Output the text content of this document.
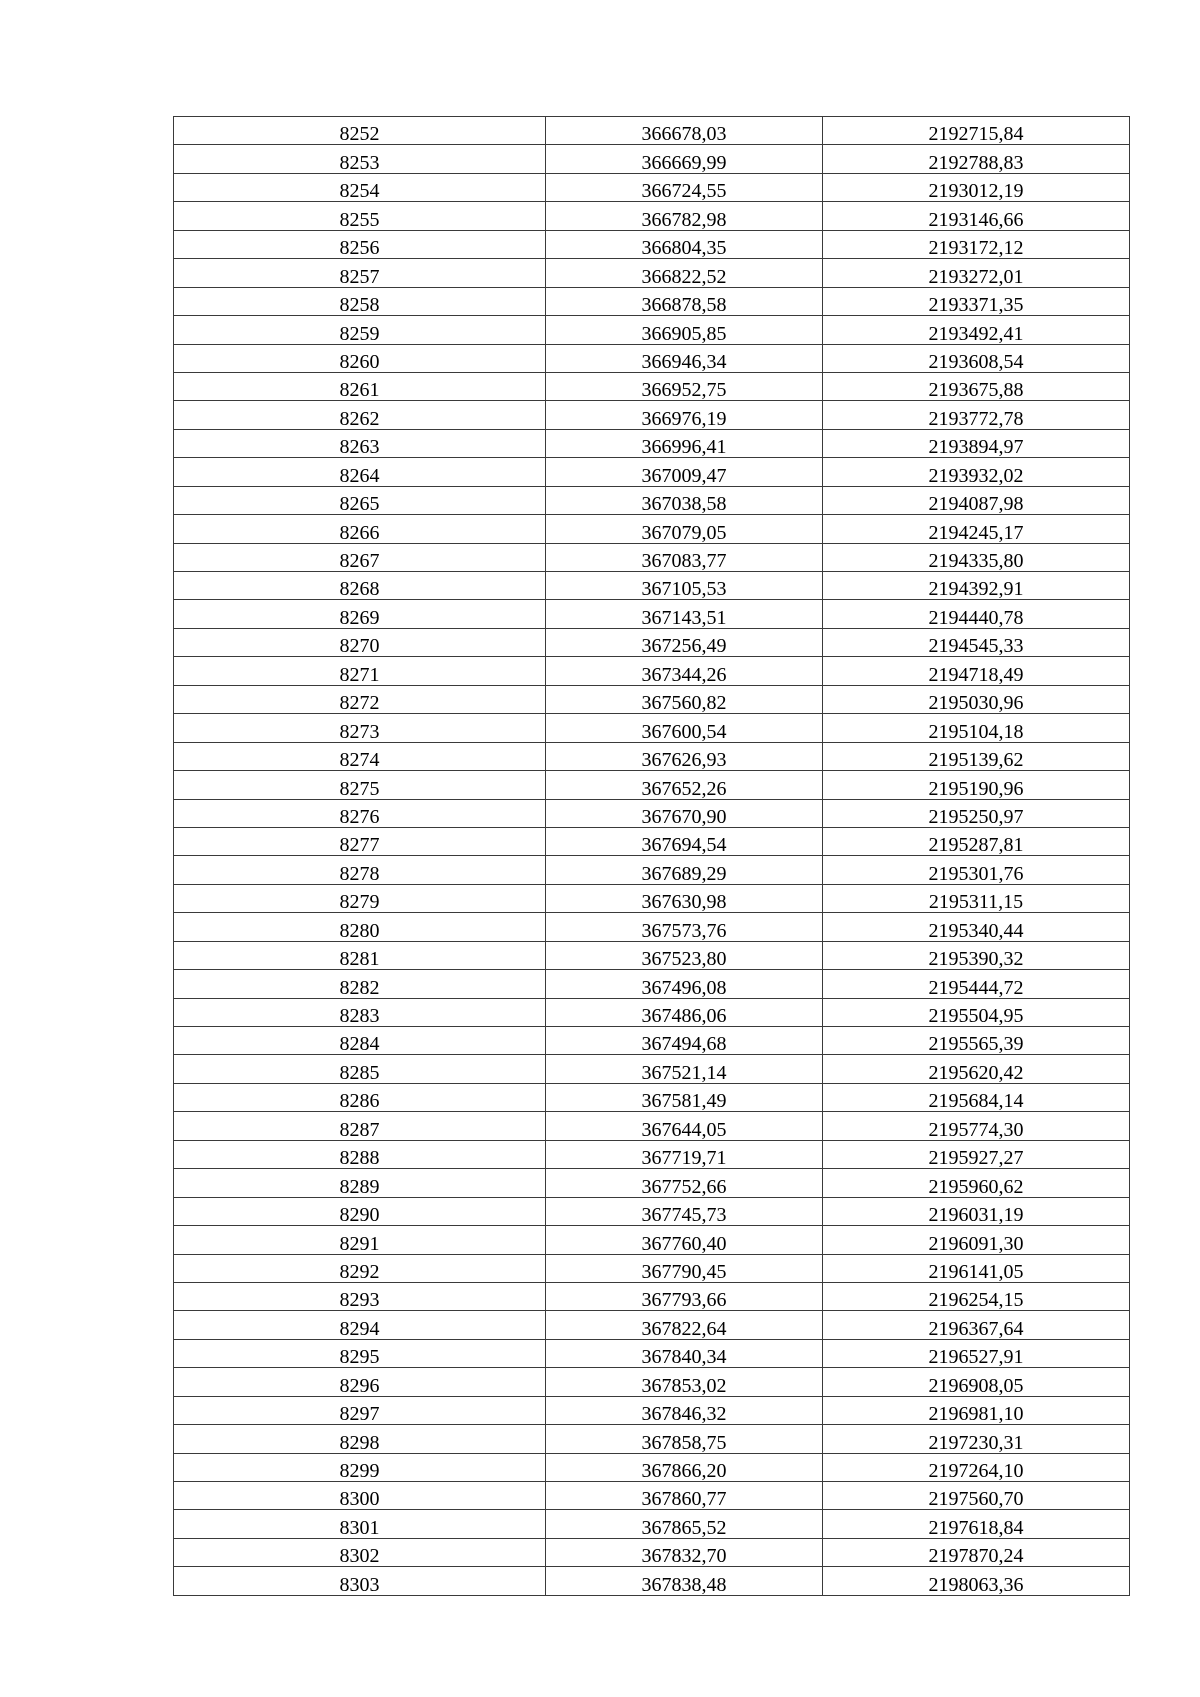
8252	366678,03	2192715,84
8253	366669,99	2192788,83
8254	366724,55	2193012,19
8255	366782,98	2193146,66
8256	366804,35	2193172,12
8257	366822,52	2193272,01
8258	366878,58	2193371,35
8259	366905,85	2193492,41
8260	366946,34	2193608,54
8261	366952,75	2193675,88
8262	366976,19	2193772,78
8263	366996,41	2193894,97
8264	367009,47	2193932,02
8265	367038,58	2194087,98
8266	367079,05	2194245,17
8267	367083,77	2194335,80
8268	367105,53	2194392,91
8269	367143,51	2194440,78
8270	367256,49	2194545,33
8271	367344,26	2194718,49
8272	367560,82	2195030,96
8273	367600,54	2195104,18
8274	367626,93	2195139,62
8275	367652,26	2195190,96
8276	367670,90	2195250,97
8277	367694,54	2195287,81
8278	367689,29	2195301,76
8279	367630,98	2195311,15
8280	367573,76	2195340,44
8281	367523,80	2195390,32
8282	367496,08	2195444,72
8283	367486,06	2195504,95
8284	367494,68	2195565,39
8285	367521,14	2195620,42
8286	367581,49	2195684,14
8287	367644,05	2195774,30
8288	367719,71	2195927,27
8289	367752,66	2195960,62
8290	367745,73	2196031,19
8291	367760,40	2196091,30
8292	367790,45	2196141,05
8293	367793,66	2196254,15
8294	367822,64	2196367,64
8295	367840,34	2196527,91
8296	367853,02	2196908,05
8297	367846,32	2196981,10
8298	367858,75	2197230,31
8299	367866,20	2197264,10
8300	367860,77	2197560,70
8301	367865,52	2197618,84
8302	367832,70	2197870,24
8303	367838,48	2198063,36
